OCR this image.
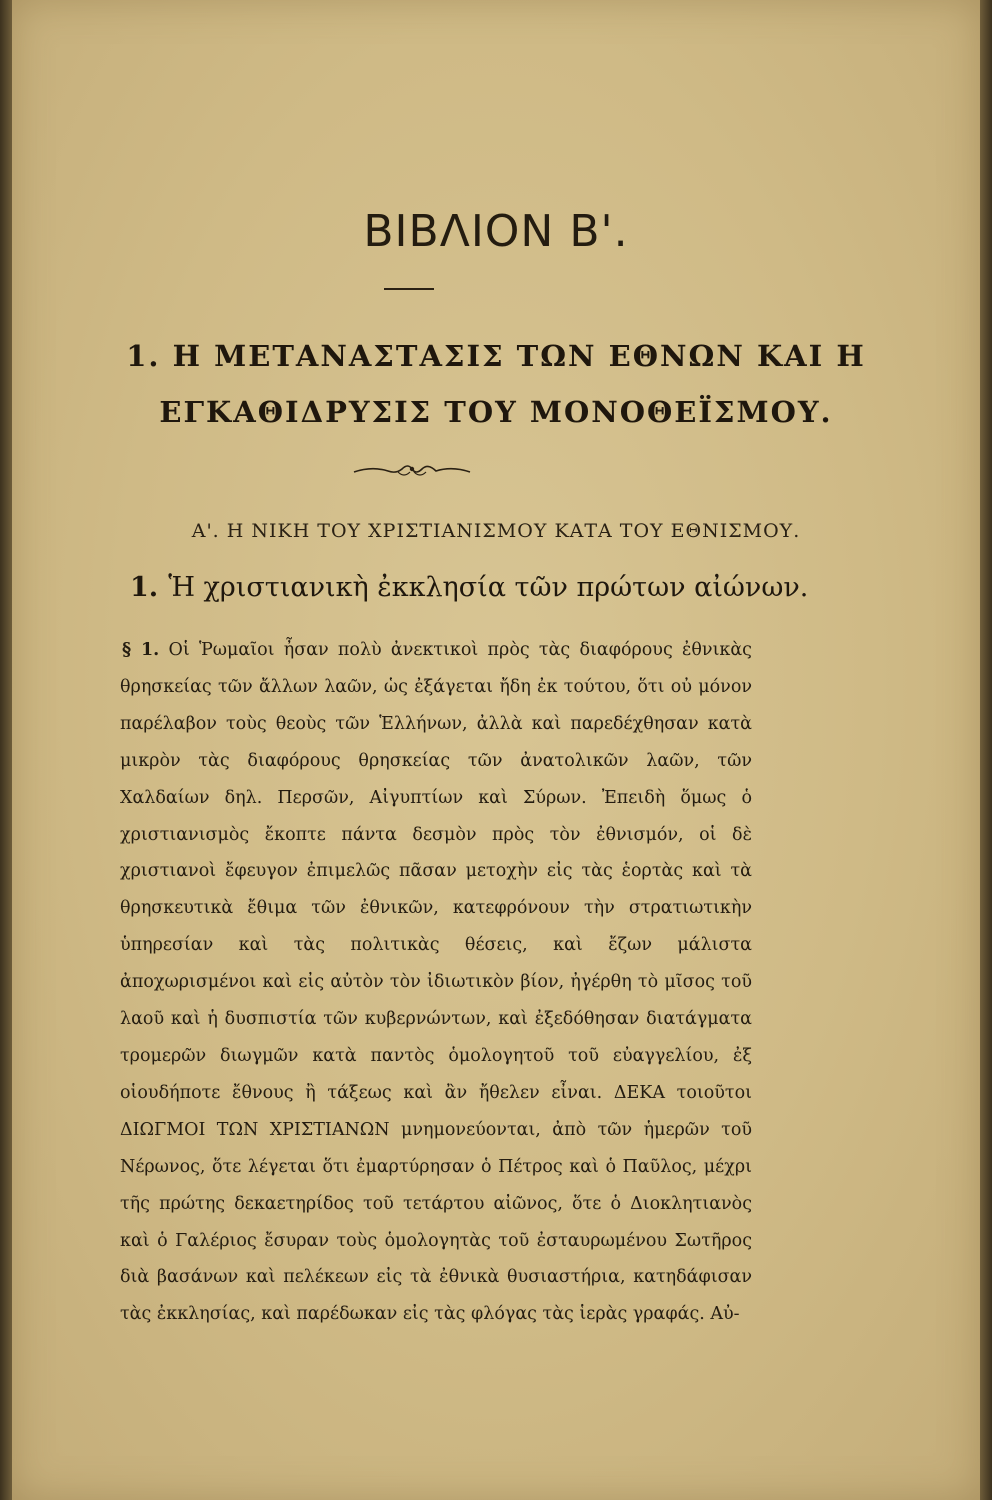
ΒΙΒΛΙΟΝ Β'.
1. Η ΜΕΤΑΝΑΣΤΑΣΙΣ ΤΩΝ ΕΘΝΩΝ ΚΑΙ Η
ΕΓΚΑΘΙΔΡΥΣΙΣ ΤΟΥ ΜΟΝΟΘΕΪΣΜΟΥ.
Α'. Η ΝΙΚΗ ΤΟΥ ΧΡΙΣΤΙΑΝΙΣΜΟΥ ΚΑΤΑ ΤΟΥ ΕΘΝΙΣΜΟΥ.
1. Ἡ χριστιανικὴ ἐκκλησία τῶν πρώτων αἰώνων.

§ 1. Οἱ Ῥωμαῖοι ἦσαν πολὺ ἀνεκτικοὶ πρὸς τὰς διαφόρους ἐθνικὰς θρησκείας τῶν ἄλλων λαῶν, ὡς ἐξάγεται ἤδη ἐκ τούτου, ὅτι οὐ μόνον παρέλαβον τοὺς θεοὺς τῶν Ἑλλήνων, ἀλλὰ καὶ παρεδέχθησαν κατὰ μικρὸν τὰς διαφόρους θρησκείας τῶν ἀνατολικῶν λαῶν, τῶν Χαλδαίων δηλ. Περσῶν, Αἰγυπτίων καὶ Σύρων. Ἐπειδὴ ὅμως ὁ χριστιανισμὸς ἔκοπτε πάντα δεσμὸν πρὸς τὸν ἐθνισμόν, οἱ δὲ χριστιανοὶ ἔφευγον ἐπιμελῶς πᾶσαν μετοχὴν εἰς τὰς ἑορτὰς καὶ τὰ θρησκευτικὰ ἔθιμα τῶν ἐθνικῶν, κατεφρόνουν τὴν στρατιωτικὴν ὑπηρεσίαν καὶ τὰς πολιτικὰς θέσεις, καὶ ἔζων μάλιστα ἀποχωρισμένοι καὶ εἰς αὐτὸν τὸν ἰδιωτικὸν βίον, ἠγέρθη τὸ μῖσος τοῦ λαοῦ καὶ ἡ δυσπιστία τῶν κυβερνώντων, καὶ ἐξεδόθησαν διατάγματα τρομερῶν διωγμῶν κατὰ παντὸς ὁμολογητοῦ τοῦ εὐαγγελίου, ἐξ οἱουδήποτε ἔθνους ἢ τάξεως καὶ ἂν ἤθελεν εἶναι. ΔΕΚΑ τοιοῦτοι ΔΙΩΓΜΟΙ ΤΩΝ ΧΡΙΣΤΙΑΝΩΝ μνημονεύονται, ἀπὸ τῶν ἡμερῶν τοῦ Νέρωνος, ὅτε λέγεται ὅτι ἐμαρτύρησαν ὁ Πέτρος καὶ ὁ Παῦλος, μέχρι τῆς πρώτης δεκαετηρίδος τοῦ τετάρτου αἰῶνος, ὅτε ὁ Διοκλητιανὸς καὶ ὁ Γαλέριος ἔσυραν τοὺς ὁμολογητὰς τοῦ ἐσταυρωμένου Σωτῆρος διὰ βασάνων καὶ πελέκεων εἰς τὰ ἐθνικὰ θυσιαστήρια, κατηδάφισαν τὰς ἐκκλησίας, καὶ παρέδωκαν εἰς τὰς φλόγας τὰς ἱερὰς γραφάς. Αὐ-
